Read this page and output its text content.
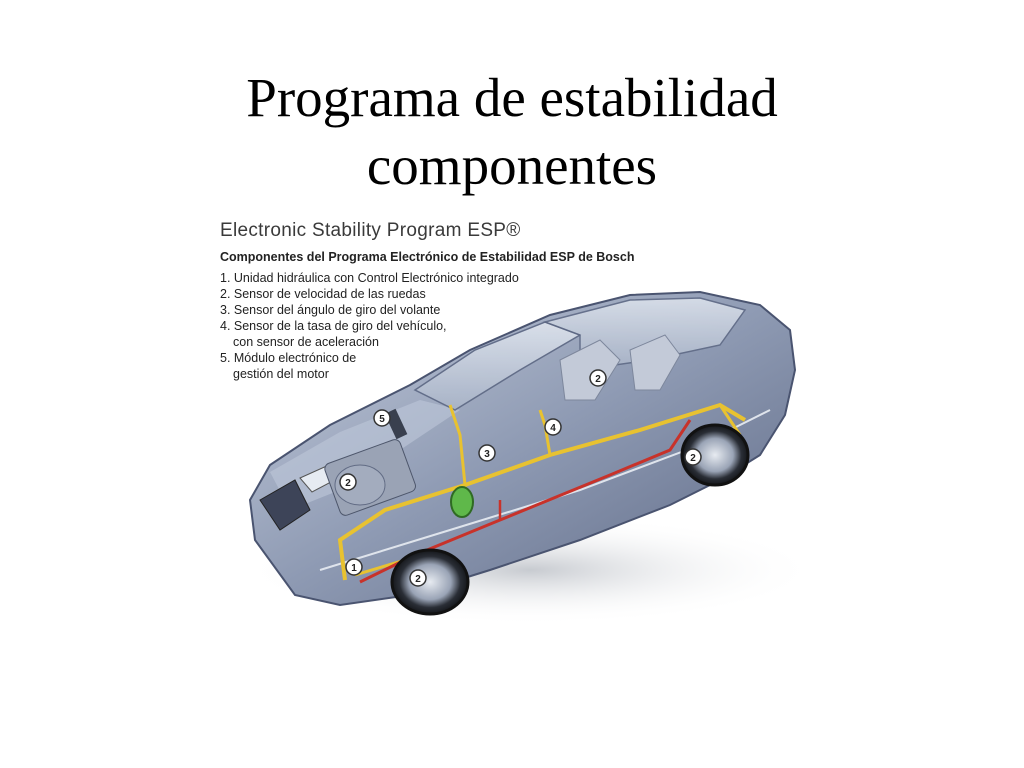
Programa de estabilidad
componentes
1
2
2
2
2
3
4
5
Electronic Stability Program ESP®
Componentes del Programa Electrónico de Estabilidad ESP de Bosch
1. Unidad hidráulica con Control Electrónico integrado
2. Sensor de velocidad de las ruedas
3. Sensor del ángulo de giro del volante
4. Sensor de la tasa de giro del vehículo,
con sensor de aceleración
5. Módulo electrónico de
gestión del motor
